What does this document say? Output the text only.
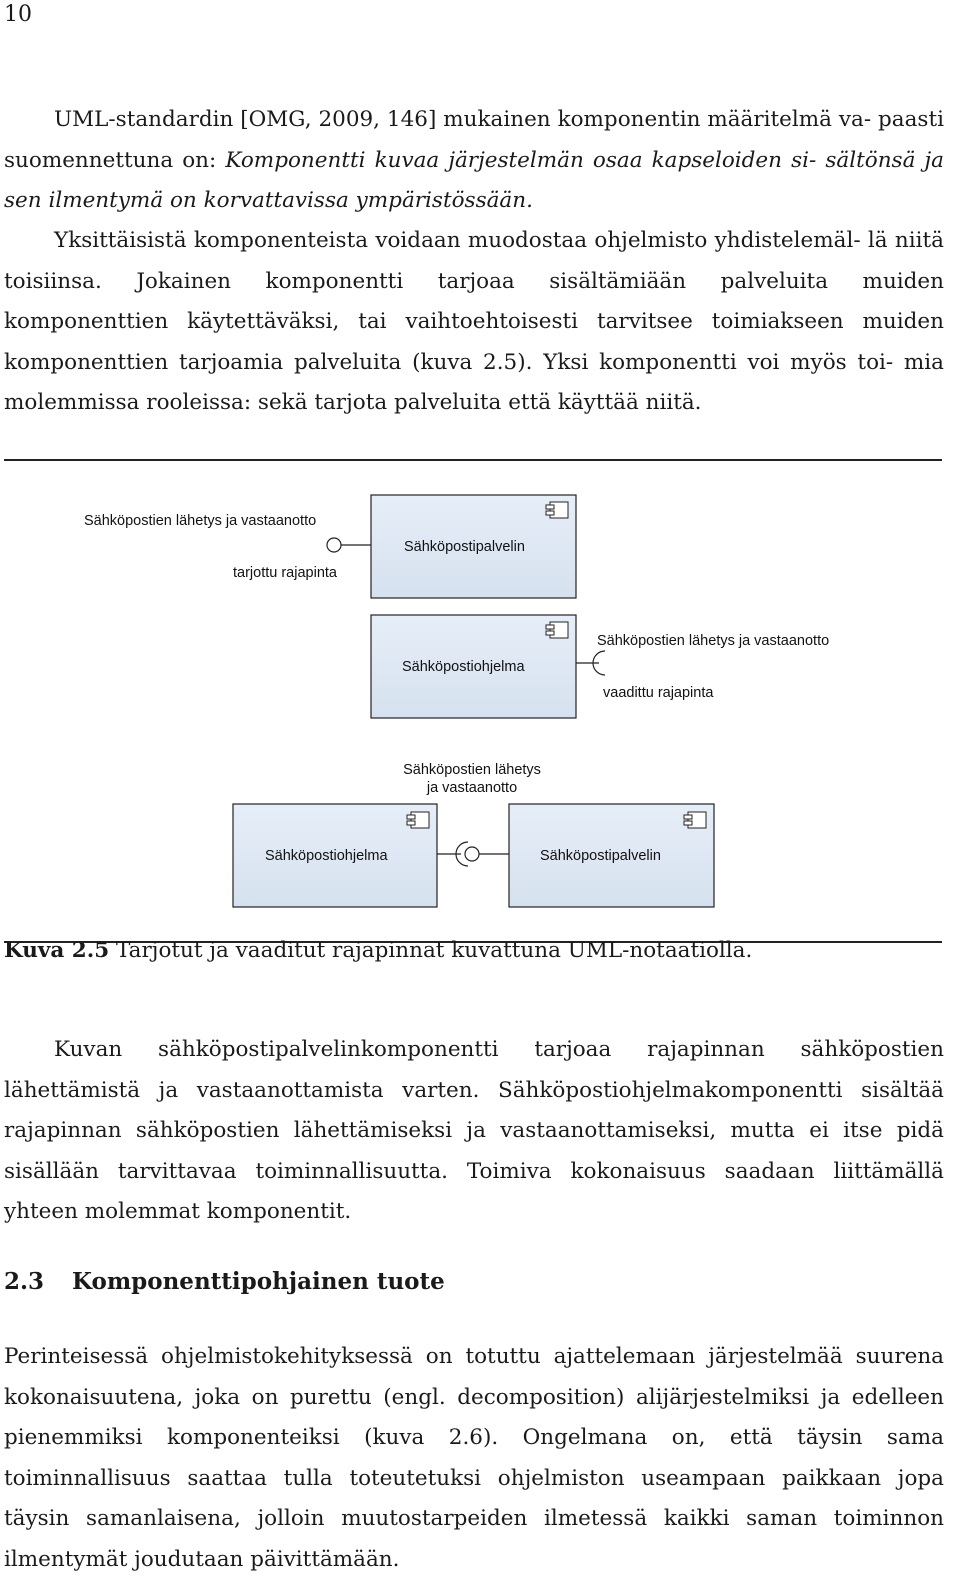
10
UML-standardin [OMG, 2009, 146] mukainen komponentin määritelmä va- paasti suomennettuna on: Komponentti kuvaa järjestelmän osaa kapseloiden si- sältönsä ja sen ilmentymä on korvattavissa ympäristössään.
Yksittäisistä komponenteista voidaan muodostaa ohjelmisto yhdistelemäl- lä niitä toisiinsa. Jokainen komponentti tarjoaa sisältämiään palveluita muiden komponenttien käytettäväksi, tai vaihtoehtoisesti tarvitsee toimiakseen muiden komponenttien tarjoamia palveluita (kuva 2.5). Yksi komponentti voi myös toi- mia molemmissa rooleissa: sekä tarjota palveluita että käyttää niitä.
Sähköpostien lähetys ja vastaanotto
tarjottu rajapinta
Sähköpostipalvelin
Sähköpostiohjelma
Sähköpostien lähetys ja vastaanotto
vaadittu rajapinta
Sähköpostien lähetys
ja vastaanotto
Sähköpostiohjelma	Sähköpostipalvelin

Kuva 2.5 Tarjotut ja vaaditut rajapinnat kuvattuna UML-notaatiolla.

Kuvan sähköpostipalvelinkomponentti tarjoaa rajapinnan sähköpostien lähettämistä ja vastaanottamista varten. Sähköpostiohjelmakomponentti sisältää rajapinnan sähköpostien lähettämiseksi ja vastaanottamiseksi, mutta ei itse pidä sisällään tarvittavaa toiminnallisuutta. Toimiva kokonaisuus saadaan liittämällä yhteen molemmat komponentit.

2.3 Komponenttipohjainen tuote

Perinteisessä ohjelmistokehityksessä on totuttu ajattelemaan järjestelmää suurena kokonaisuutena, joka on purettu (engl. decomposition) alijärjestelmiksi ja edelleen pienemmiksi komponenteiksi (kuva 2.6). Ongelmana on, että täysin sama toiminnallisuus saattaa tulla toteutetuksi ohjelmiston useampaan paikkaan jopa täysin samanlaisena, jolloin muutostarpeiden ilmetessä kaikki saman toiminnon ilmentymät joudutaan päivittämään.
